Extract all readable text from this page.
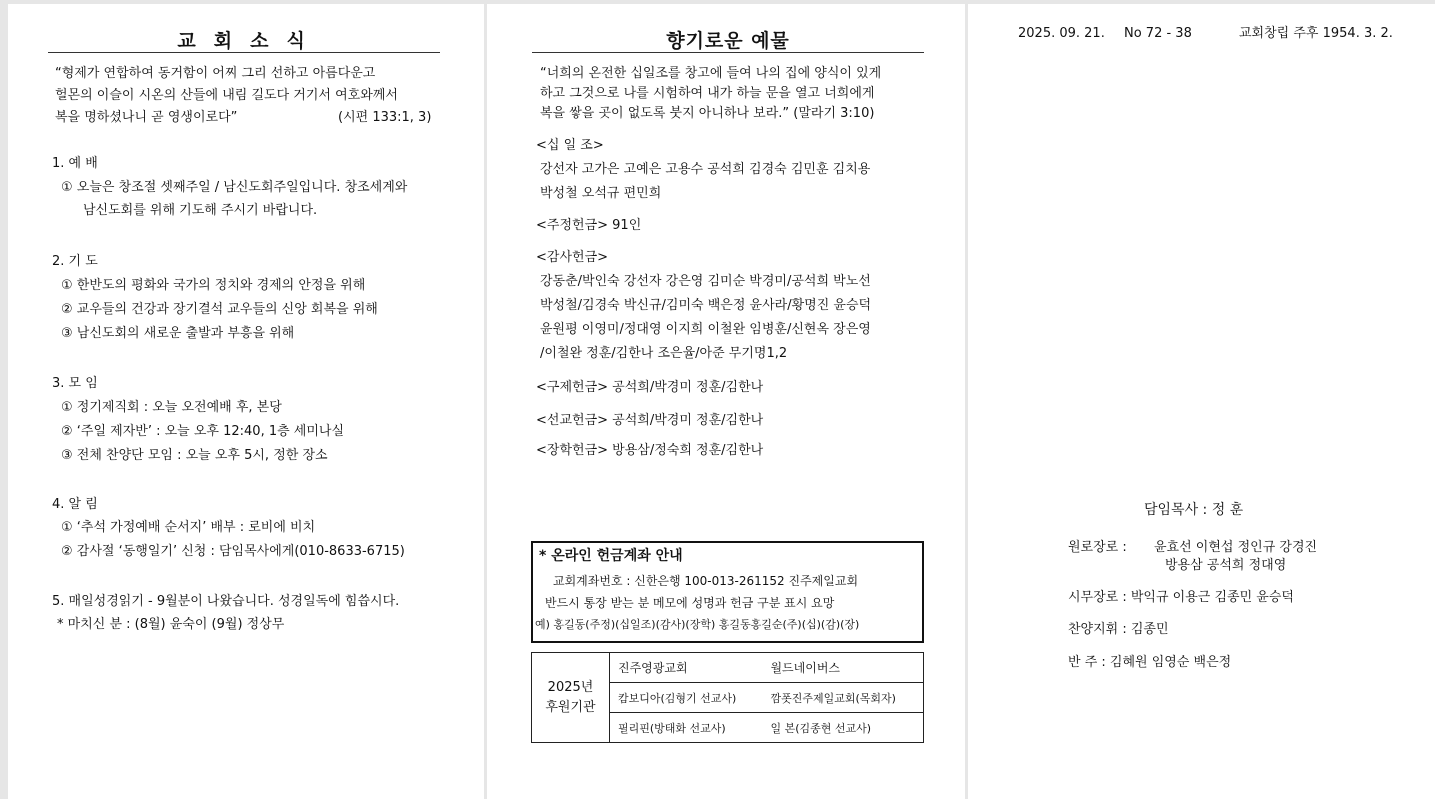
교 회 소 식
“형제가 연합하여 동거함이 어찌 그리 선하고 아름다운고
헐몬의 이슬이 시온의 산들에 내림 길도다 거기서 여호와께서
복을 명하셨나니 곧 영생이로다”	(시편 133:1, 3)
1. 예 배
① 오늘은 창조절 셋째주일 / 남신도회주일입니다. 창조세계와
남신도회를 위해 기도해 주시기 바랍니다.
2. 기 도
① 한반도의 평화와 국가의 정치와 경제의 안정을 위해
② 교우들의 건강과 장기결석 교우들의 신앙 회복을 위해
③ 남신도회의 새로운 출발과 부흥을 위해
3. 모 임
① 정기제직회 : 오늘 오전예배 후, 본당
② ‘주일 제자반’ : 오늘 오후 12:40, 1층 세미나실
③ 전체 찬양단 모임 : 오늘 오후 5시, 정한 장소
4. 알 림
① ‘추석 가정예배 순서지’ 배부 : 로비에 비치
② 감사절 ‘동행일기’ 신청 : 담임목사에게(010-8633-6715)
5. 매일성경읽기 - 9월분이 나왔습니다. 성경일독에 힘씁시다.
* 마치신 분 : (8월) 윤숙이 (9월) 정상무
향기로운 예물
“너희의 온전한 십일조를 창고에 들여 나의 집에 양식이 있게
하고 그것으로 나를 시험하여 내가 하늘 문을 열고 너희에게
복을 쌓을 곳이 없도록 붓지 아니하나 보라.” (말라기 3:10)
<십 일 조>
강선자 고가은 고예은 고용수 공석희 김경숙 김민훈 김치용
박성철 오석규 편민희
<주정헌금> 91인
<감사헌금>
강동춘/박인숙 강선자 강은영 김미순 박경미/공석희 박노선
박성철/김경숙 박신규/김미숙 백은정 윤사라/황명진 윤승덕
윤원평 이영미/정대영 이지희 이철완 임병훈/신현옥 장은영
/이철완 정훈/김한나 조은율/아준 무기명1,2
<구제헌금> 공석희/박경미 정훈/김한나
<선교헌금> 공석희/박경미 정훈/김한나
<장학헌금> 방용삼/정숙희 정훈/김한나
* 온라인 헌금계좌 안내
교회계좌번호 : 신한은행 100-013-261152 진주제일교회
반드시 통장 받는 분 메모에 성명과 헌금 구분 표시 요망
예) 홍길동(주정)(십일조)(감사)(장학) 홍길동홍길순(주)(십)(감)(장)
2025년
후원기관	진주영광교회	월드네이버스
	캄보디아(김형기 선교사)	깜폿진주제일교회(목회자)
	필리핀(방태화 선교사)	일 본(김종현 선교사)
2025. 09. 21. No 72 - 38	교회창립 주후 1954. 3. 2.
담임목사 : 정 훈
원로장로 : 윤효선 이현섭 정인규 강경진
방용삼 공석희 정대영
시무장로 : 박익규 이용근 김종민 윤승덕
찬양지휘 : 김종민
반 주 : 김혜원 임영순 백은정
